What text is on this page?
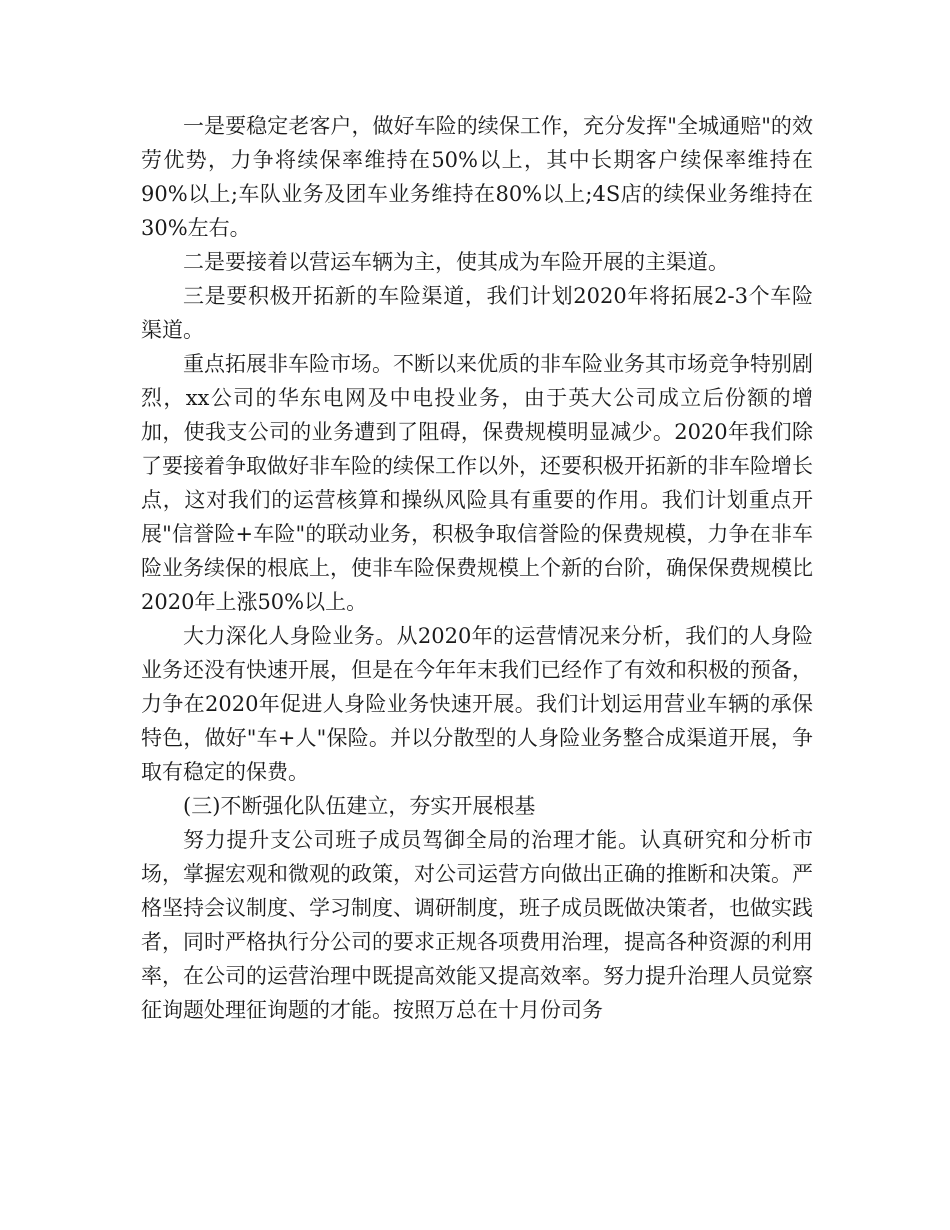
一是要稳定老客户，做好车险的续保工作，充分发挥"全城通赔"的效劳优势，力争将续保率维持在50%以上，其中长期客户续保率维持在90%以上;车队业务及团车业务维持在80%以上;4S店的续保业务维持在30%左右。

二是要接着以营运车辆为主，使其成为车险开展的主渠道。

三是要积极开拓新的车险渠道，我们计划2020年将拓展2-3个车险渠道。

重点拓展非车险市场。不断以来优质的非车险业务其市场竞争特别剧烈，xx公司的华东电网及中电投业务，由于英大公司成立后份额的增加，使我支公司的业务遭到了阻碍，保费规模明显减少。2020年我们除了要接着争取做好非车险的续保工作以外，还要积极开拓新的非车险增长点，这对我们的运营核算和操纵风险具有重要的作用。我们计划重点开展"信誉险+车险"的联动业务，积极争取信誉险的保费规模，力争在非车险业务续保的根底上，使非车险保费规模上个新的台阶，确保保费规模比2020年上涨50%以上。

大力深化人身险业务。从2020年的运营情况来分析，我们的人身险业务还没有快速开展，但是在今年年末我们已经作了有效和积极的预备，力争在2020年促进人身险业务快速开展。我们计划运用营业车辆的承保特色，做好"车+人"保险。并以分散型的人身险业务整合成渠道开展，争取有稳定的保费。

(三)不断强化队伍建立，夯实开展根基

努力提升支公司班子成员驾御全局的治理才能。认真研究和分析市场，掌握宏观和微观的政策，对公司运营方向做出正确的推断和决策。严格坚持会议制度、学习制度、调研制度，班子成员既做决策者，也做实践者，同时严格执行分公司的要求正规各项费用治理，提高各种资源的利用率，在公司的运营治理中既提高效能又提高效率。努力提升治理人员觉察征询题处理征询题的才能。按照万总在十月份司务
